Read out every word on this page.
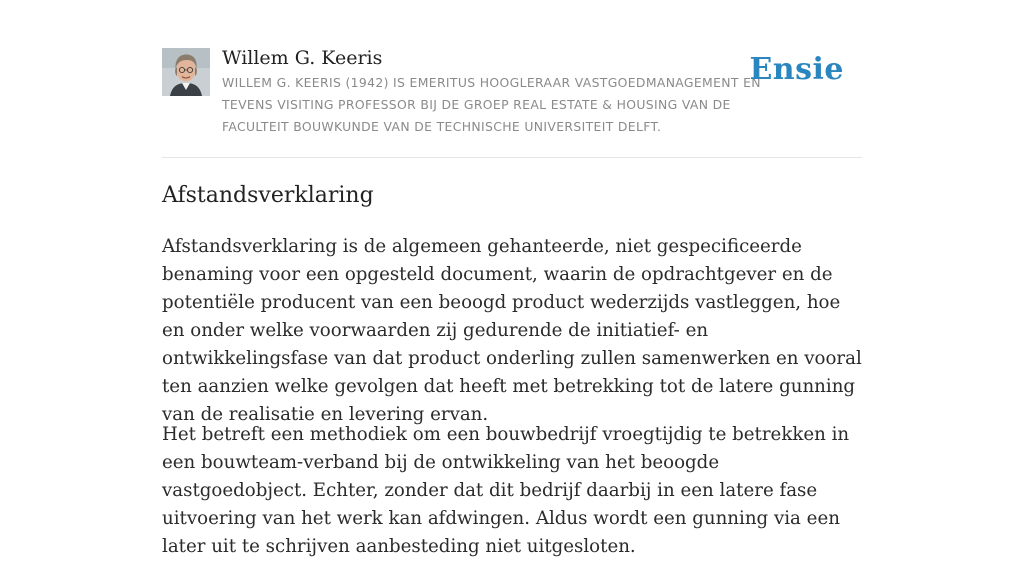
Willem G. Keeris

WILLEM G. KEERIS (1942) IS EMERITUS HOOGLERAAR VASTGOEDMANAGEMENT EN TEVENS VISITING PROFESSOR BIJ DE GROEP REAL ESTATE & HOUSING VAN DE FACULTEIT BOUWKUNDE VAN DE TECHNISCHE UNIVERSITEIT DELFT.

Ensie
Afstandsverklaring

Afstandsverklaring is de algemeen gehanteerde, niet gespecificeerde benaming voor een opgesteld document, waarin de opdrachtgever en de potentiële producent van een beoogd product wederzijds vastleggen, hoe en onder welke voorwaarden zij gedurende de initiatief- en ontwikkelingsfase van dat product onderling zullen samenwerken en vooral ten aanzien welke gevolgen dat heeft met betrekking tot de latere gunning van de realisatie en levering ervan.

Het betreft een methodiek om een bouwbedrijf vroegtijdig te betrekken in een bouwteam-verband bij de ontwikkeling van het beoogde vastgoedobject. Echter, zonder dat dit bedrijf daarbij in een latere fase uitvoering van het werk kan afdwingen. Aldus wordt een gunning via een later uit te schrijven aanbesteding niet uitgesloten.
